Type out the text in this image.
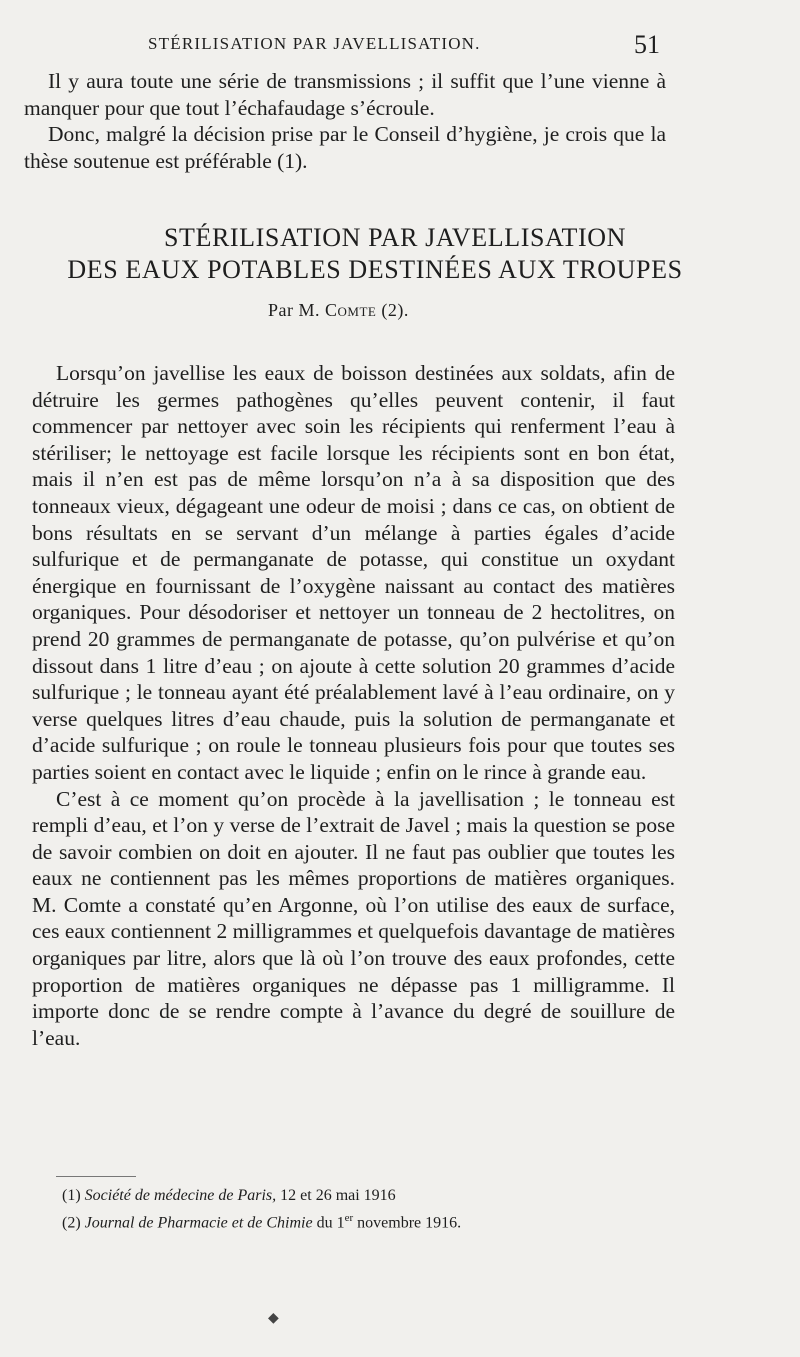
STÉRILISATION PAR JAVELLISATION.	51

Il y aura toute une série de transmissions ; il suffit que l’une vienne à manquer pour que tout l’échafaudage s’écroule.

Donc, malgré la décision prise par le Conseil d’hygiène, je crois que la thèse soutenue est préférable (1).

STÉRILISATION PAR JAVELLISATION
DES EAUX POTABLES DESTINÉES AUX TROUPES
Par M. Comte (2).

Lorsqu’on javellise les eaux de boisson destinées aux soldats, afin de détruire les germes pathogènes qu’elles peuvent contenir, il faut commencer par nettoyer avec soin les récipients qui renferment l’eau à stériliser; le nettoyage est facile lorsque les récipients sont en bon état, mais il n’en est pas de même lorsqu’on n’a à sa disposition que des tonneaux vieux, dégageant une odeur de moisi ; dans ce cas, on obtient de bons résultats en se servant d’un mélange à parties égales d’acide sulfurique et de permanganate de potasse, qui constitue un oxydant énergique en fournissant de l’oxygène naissant au contact des matières organiques. Pour désodoriser et nettoyer un tonneau de 2 hectolitres, on prend 20 grammes de permanganate de potasse, qu’on pulvérise et qu’on dissout dans 1 litre d’eau ; on ajoute à cette solution 20 grammes d’acide sulfurique ; le tonneau ayant été préalablement lavé à l’eau ordinaire, on y verse quelques litres d’eau chaude, puis la solution de permanganate et d’acide sulfurique ; on roule le tonneau plusieurs fois pour que toutes ses parties soient en contact avec le liquide ; enfin on le rince à grande eau.

C’est à ce moment qu’on procède à la javellisation ; le tonneau est rempli d’eau, et l’on y verse de l’extrait de Javel ; mais la question se pose de savoir combien on doit en ajouter. Il ne faut pas oublier que toutes les eaux ne contiennent pas les mêmes proportions de matières organiques. M. Comte a constaté qu’en Argonne, où l’on utilise des eaux de surface, ces eaux contiennent 2 milligrammes et quelquefois davantage de matières organiques par litre, alors que là où l’on trouve des eaux profondes, cette proportion de matières organiques ne dépasse pas 1 milligramme. Il importe donc de se rendre compte à l’avance du degré de souillure de l’eau.

(1) Société de médecine de Paris, 12 et 26 mai 1916
(2) Journal de Pharmacie et de Chimie du 1er novembre 1916.
◆
